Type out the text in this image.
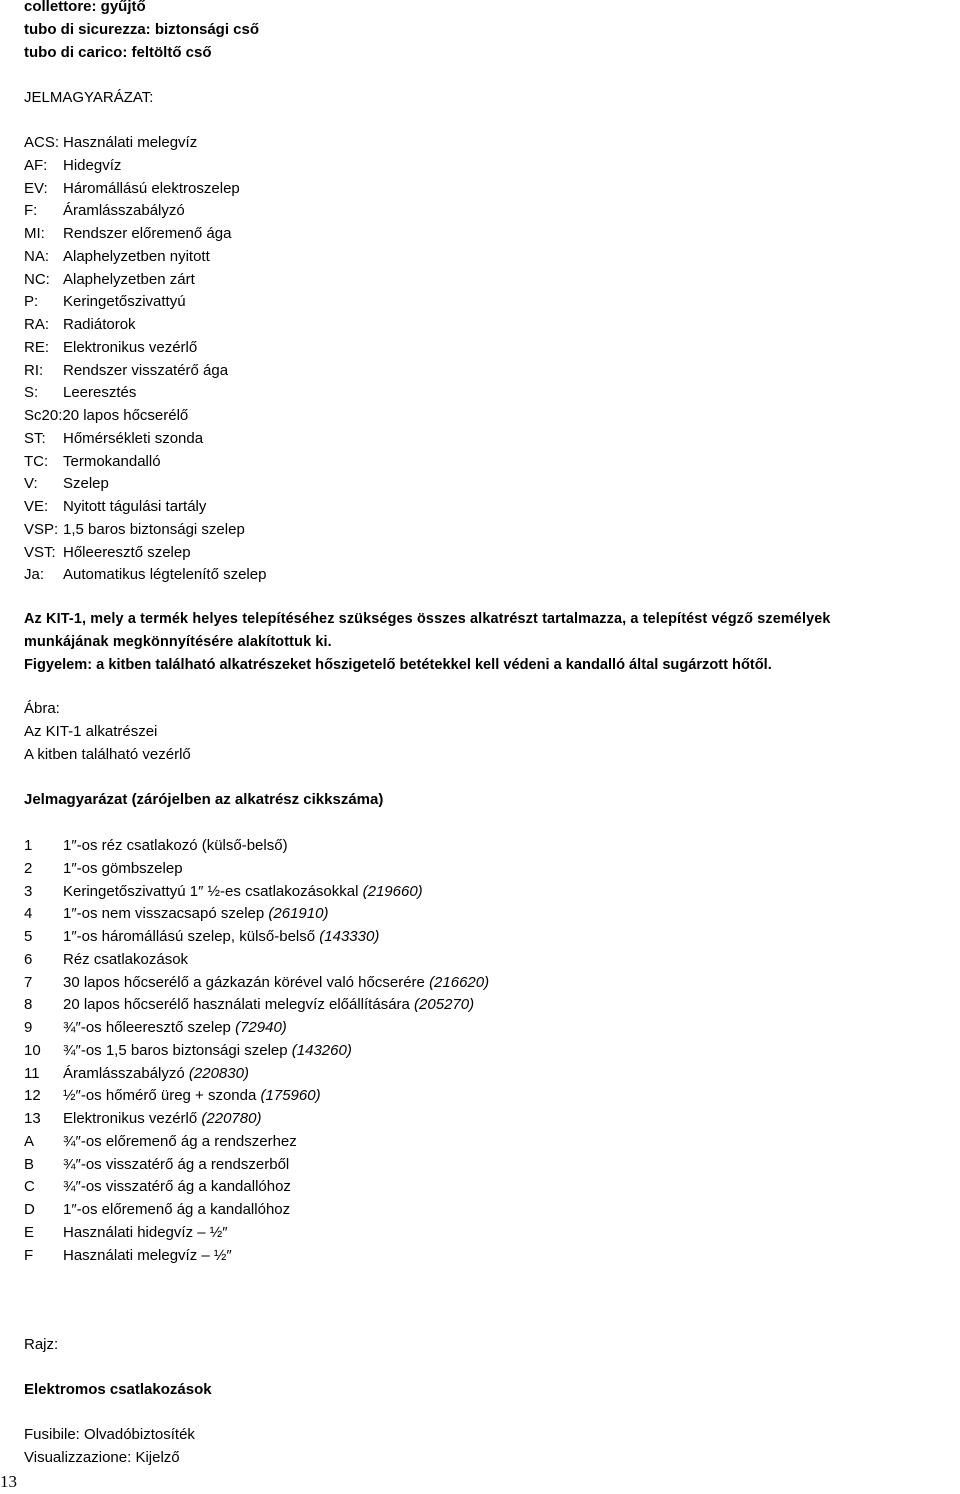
collettore: gyűjtő
tubo di sicurezza: biztonsági cső
tubo di carico: feltöltő cső
JELMAGYARÁZAT:
ACS: Használati melegvíz
AF:	Hidegvíz
EV:	Háromállású elektroszelep
F:	Áramlásszabályzó
MI:	Rendszer előremenő ága
NA: Alaphelyzetben nyitott
NC: Alaphelyzetben zárt
P:	Keringetőszivattyú
RA: Radiátorok
RE: Elektronikus vezérlő
RI:	Rendszer visszatérő ága
S:	Leeresztés
Sc20: 20 lapos hőcserélő
ST:	Hőmérsékleti szonda
TC: Termokandalló
V:	Szelep
VE: Nyitott tágulási tartály
VSP: 1,5 baros biztonsági szelep
VST: Hőleeresztő szelep
Ja:	Automatikus légtelenítő szelep
Az KIT-1, mely a termék helyes telepítéséhez szükséges összes alkatrészt tartalmazza, a telepítést végző személyek
munkájának megkönnyítésére alakítottuk ki.
Figyelem: a kitben található alkatrészeket hőszigetelő betétekkel kell védeni a kandalló által sugárzott hőtől.
Ábra:
Az KIT-1 alkatrészei
A kitben található vezérlő
Jelmagyarázat (zárójelben az alkatrész cikkszáma)
1	1″-os réz csatlakozó (külső-belső)
2	1″-os gömbszelep
3	Keringetőszivattyú 1″ ½-es csatlakozásokkal
(219660)
4	1″-os nem visszacsapó szelep
(261910)
5	1″-os háromállású szelep, külső-belső
(143330)
6	Réz csatlakozások
7	30 lapos hőcserélő a gázkazán körével való hőcserére
(216620)
8	20 lapos hőcserélő használati melegvíz előállítására
(205270)
9	¾″-os hőleeresztő szelep
(72940)
10	¾″-os 1,5 baros biztonsági szelep
(143260)
11	Áramlásszabályzó
(220830)
12	½″-os hőmérő üreg + szonda
(175960)
13	Elektronikus vezérlő
(220780)
A	¾″-os előremenő ág a rendszerhez
B	¾″-os visszatérő ág a rendszerből
C	¾″-os visszatérő ág a kandallóhoz
D	1″-os előremenő ág a kandallóhoz
E	Használati hidegvíz – ½″
F	Használati melegvíz – ½″
Rajz:
Elektromos csatlakozások
Fusibile: Olvadóbiztosíték
Visualizzazione: Kijelző
13
